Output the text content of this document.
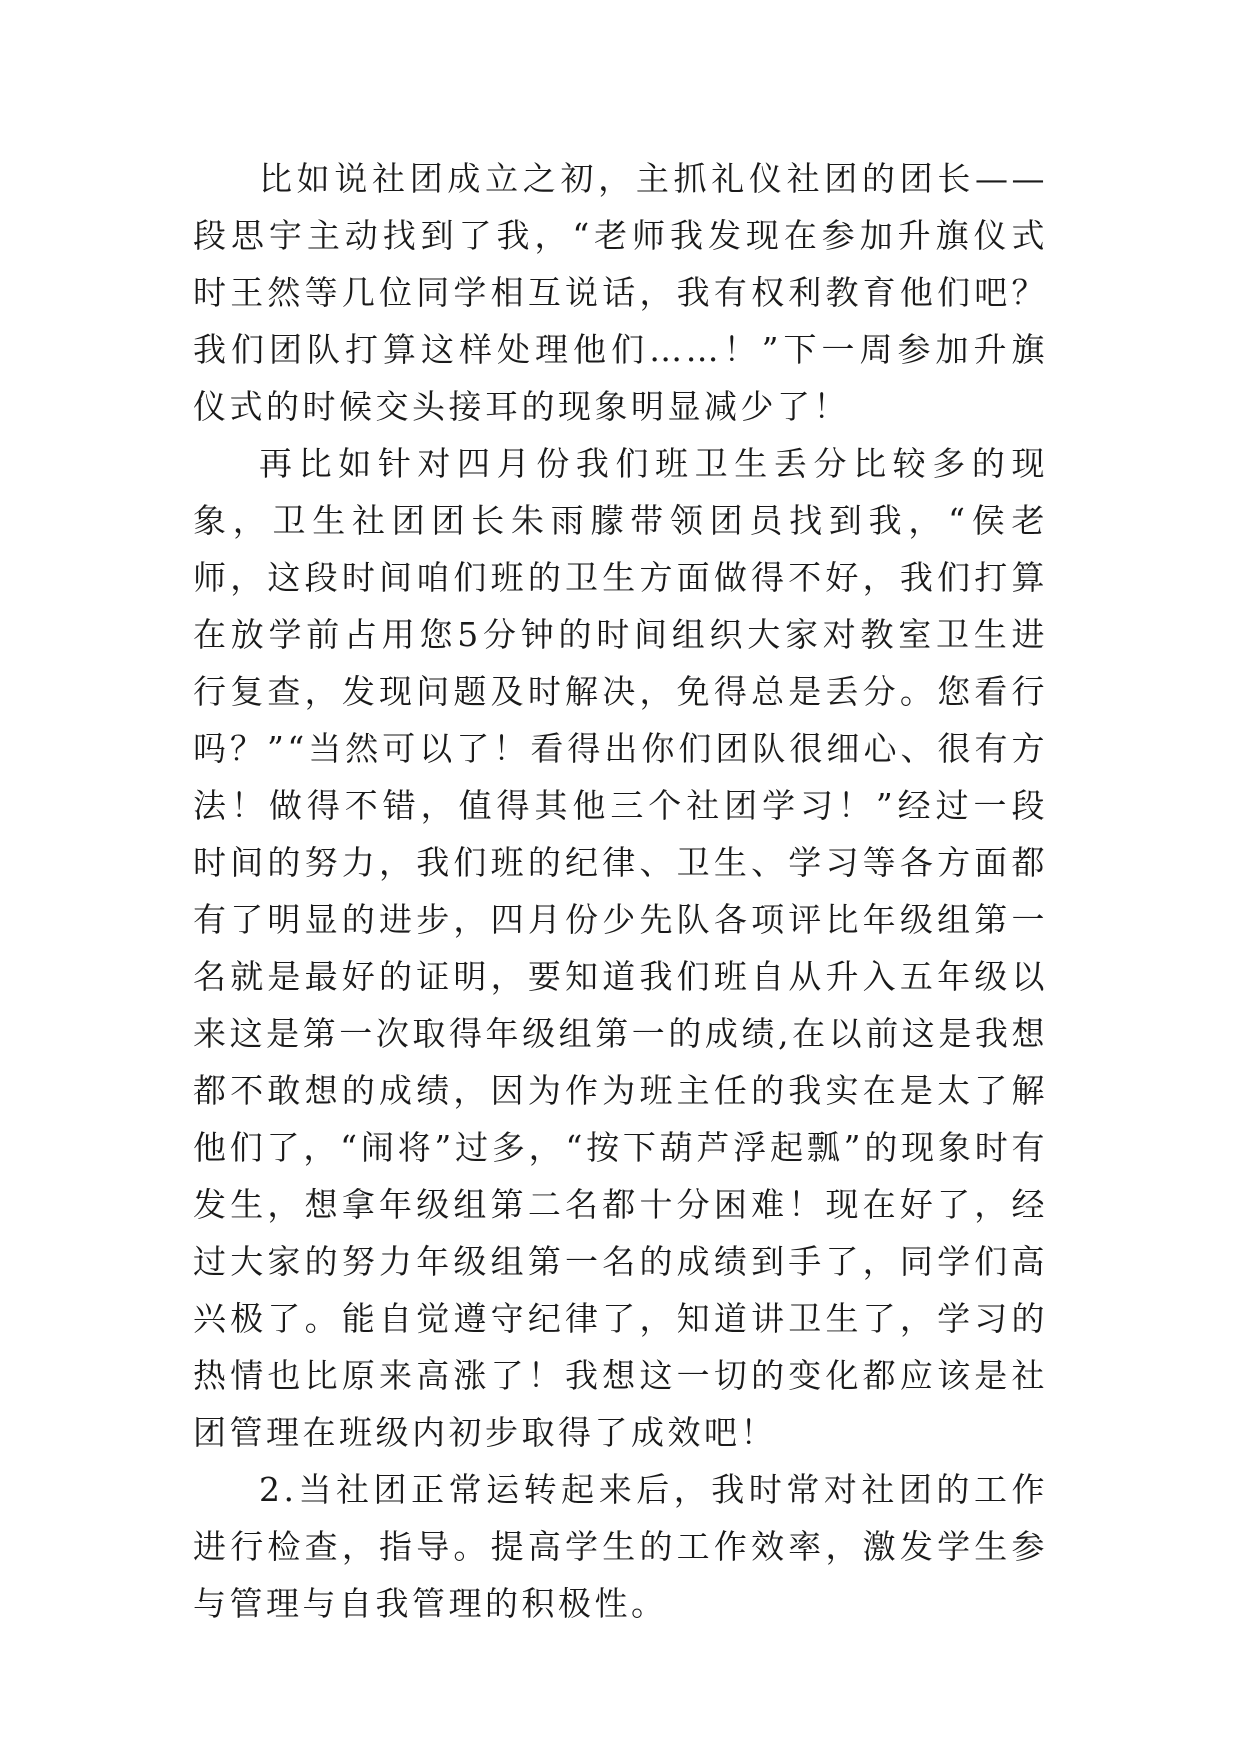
比如说社团成立之初，主抓礼仪社团的团长——段思宇主动找到了我，“老师我发现在参加升旗仪式时王然等几位同学相互说话，我有权利教育他们吧？我们团队打算这样处理他们……！”下一周参加升旗仪式的时候交头接耳的现象明显减少了！

再比如针对四月份我们班卫生丢分比较多的现象，卫生社团团长朱雨朦带领团员找到我，“侯老师，这段时间咱们班的卫生方面做得不好，我们打算在放学前占用您5分钟的时间组织大家对教室卫生进行复查，发现问题及时解决，免得总是丢分。您看行吗？”“当然可以了！看得出你们团队很细心、很有方法！做得不错，值得其他三个社团学习！”经过一段时间的努力，我们班的纪律、卫生、学习等各方面都有了明显的进步，四月份少先队各项评比年级组第一名就是最好的证明，要知道我们班自从升入五年级以来这是第一次取得年级组第一的成绩,在以前这是我想都不敢想的成绩，因为作为班主任的我实在是太了解他们了，“闹将”过多，“按下葫芦浮起瓢”的现象时有发生，想拿年级组第二名都十分困难！现在好了，经过大家的努力年级组第一名的成绩到手了，同学们高兴极了。能自觉遵守纪律了，知道讲卫生了，学习的热情也比原来高涨了！我想这一切的变化都应该是社团管理在班级内初步取得了成效吧！

2.当社团正常运转起来后，我时常对社团的工作进行检查，指导。提高学生的工作效率，激发学生参与管理与自我管理的积极性。
